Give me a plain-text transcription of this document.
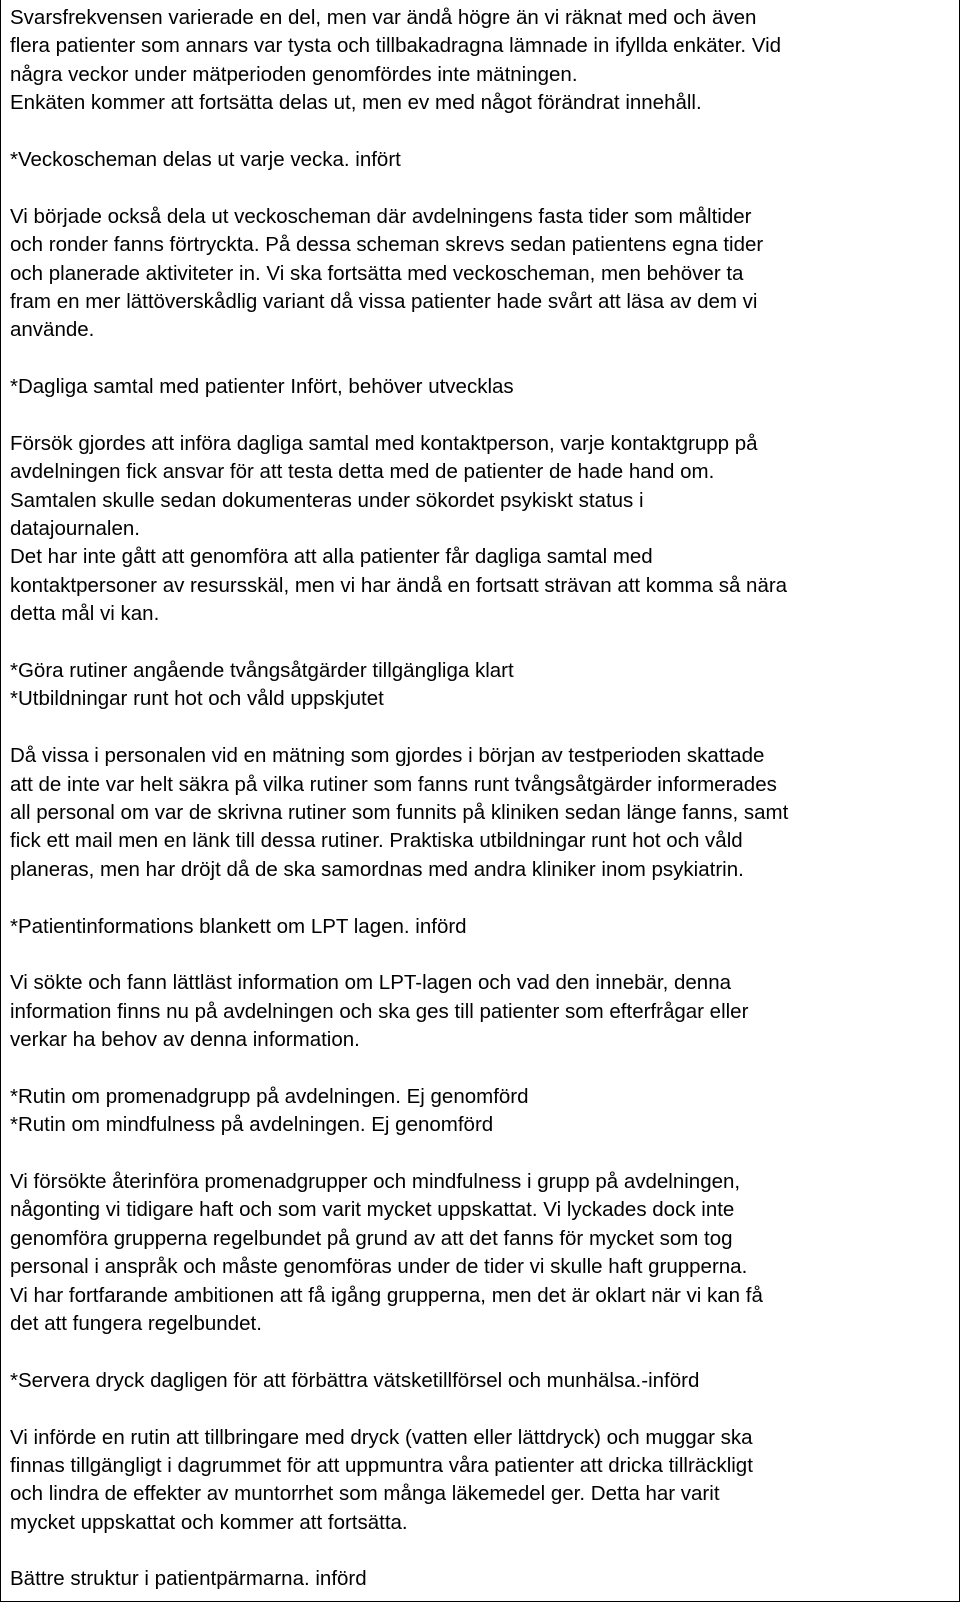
Svarsfrekvensen varierade en del, men var ändå högre än vi räknat med och även
flera patienter som annars var tysta och tillbakadragna lämnade in ifyllda enkäter. Vid
några veckor under mätperioden genomfördes inte mätningen.
Enkäten kommer att fortsätta delas ut, men ev med något förändrat innehåll.
*Veckoscheman delas ut varje vecka. infört
Vi började också dela ut veckoscheman där avdelningens fasta tider som måltider
och ronder fanns förtryckta. På dessa scheman skrevs sedan patientens egna tider
och planerade aktiviteter in. Vi ska fortsätta med veckoscheman, men behöver ta
fram en mer lättöverskådlig variant då vissa patienter hade svårt att läsa av dem vi
använde.
*Dagliga samtal med patienter Infört, behöver utvecklas
Försök gjordes att införa dagliga samtal med kontaktperson, varje kontaktgrupp på
avdelningen fick ansvar för att testa detta med de patienter de hade hand om.
Samtalen skulle sedan dokumenteras under sökordet psykiskt status i
datajournalen.
Det har inte gått att genomföra att alla patienter får dagliga samtal med
kontaktpersoner av resursskäl, men vi har ändå en fortsatt strävan att komma så nära
detta mål vi kan.
*Göra rutiner angående tvångsåtgärder tillgängliga klart
*Utbildningar runt hot och våld uppskjutet
Då vissa i personalen vid en mätning som gjordes i början av testperioden skattade
att de inte var helt säkra på vilka rutiner som fanns runt tvångsåtgärder informerades
all personal om var de skrivna rutiner som funnits på kliniken sedan länge fanns, samt
fick ett mail men en länk till dessa rutiner. Praktiska utbildningar runt hot och våld
planeras, men har dröjt då de ska samordnas med andra kliniker inom psykiatrin.
*Patientinformations blankett om LPT lagen. införd
Vi sökte och fann lättläst information om LPT-lagen och vad den innebär, denna
information finns nu på avdelningen och ska ges till patienter som efterfrågar eller
verkar ha behov av denna information.
*Rutin om promenadgrupp på avdelningen. Ej genomförd
*Rutin om mindfulness på avdelningen. Ej genomförd
Vi försökte återinföra promenadgrupper och mindfulness i grupp på avdelningen,
någonting vi tidigare haft och som varit mycket uppskattat. Vi lyckades dock inte
genomföra grupperna regelbundet på grund av att det fanns för mycket som tog
personal i anspråk och måste genomföras under de tider vi skulle haft grupperna.
Vi har fortfarande ambitionen att få igång grupperna, men det är oklart när vi kan få
det att fungera regelbundet.
*Servera dryck dagligen för att förbättra vätsketillförsel och munhälsa.-införd
Vi införde en rutin att tillbringare med dryck (vatten eller lättdryck) och muggar ska
finnas tillgängligt i dagrummet för att uppmuntra våra patienter att dricka tillräckligt
och lindra de effekter av muntorrhet som många läkemedel ger. Detta har varit
mycket uppskattat och kommer att fortsätta.
Bättre struktur i patientpärmarna. införd
